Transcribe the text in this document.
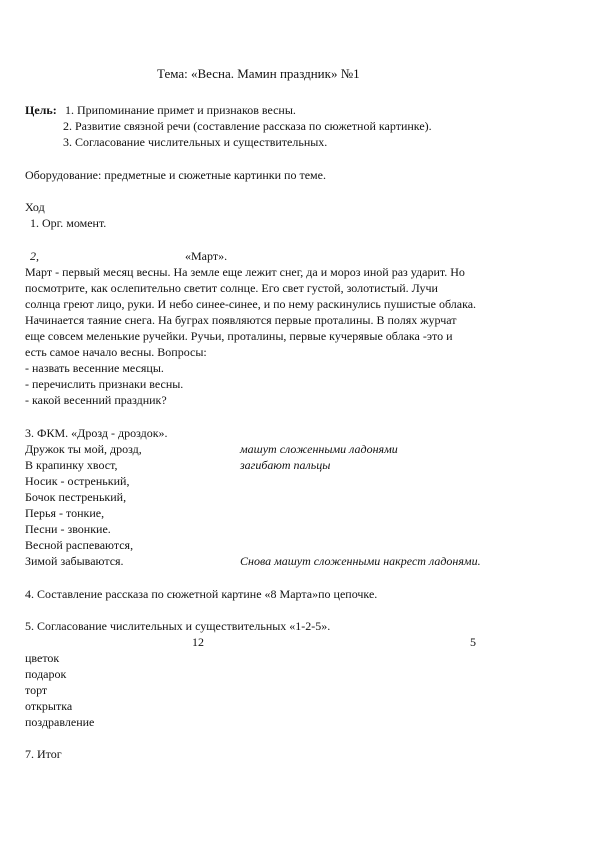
Тема: «Весна. Мамин праздник» №1
Цель: 1. Припоминание примет и признаков весны.
2. Развитие связной речи (составление рассказа по сюжетной картинке).
3. Согласование числительных и существительных.
Оборудование: предметные и сюжетные картинки по теме.
Ход
1. Орг. момент.
2,	«Март».
Март - первый месяц весны. На земле еще лежит снег, да и мороз иной раз ударит. Но
посмотрите, как ослепительно светит солнце. Его свет густой, золотистый. Лучи
солнца греют лицо, руки. И небо синее-синее, и по нему раскинулись пушистые облака.
Начинается таяние снега. На буграх появляются первые проталины. В полях журчат
еще совсем меленькие ручейки. Ручьи, проталины, первые кучерявые облака -это и
есть самое начало весны. Вопросы:
- назвать весенние месяцы.
- перечислить признаки весны.
- какой весенний праздник?
3. ФКМ. «Дрозд - дроздок».
Дружок ты мой, дрозд,	машут сложенными ладонями
В крапинку хвост,	загибают пальцы
Носик - остренький,
Бочок пестренький,
Перья - тонкие,
Песни - звонкие.
Весной распеваются,
Зимой забываются.	Снова машут сложенными накрест ладонями.
4. Составление рассказа по сюжетной картине «8 Марта»по цепочке.
5. Согласование числительных и существительных «1-2-5».
12	5
цветок
подарок
торт
открытка
поздравление
7. Итог
